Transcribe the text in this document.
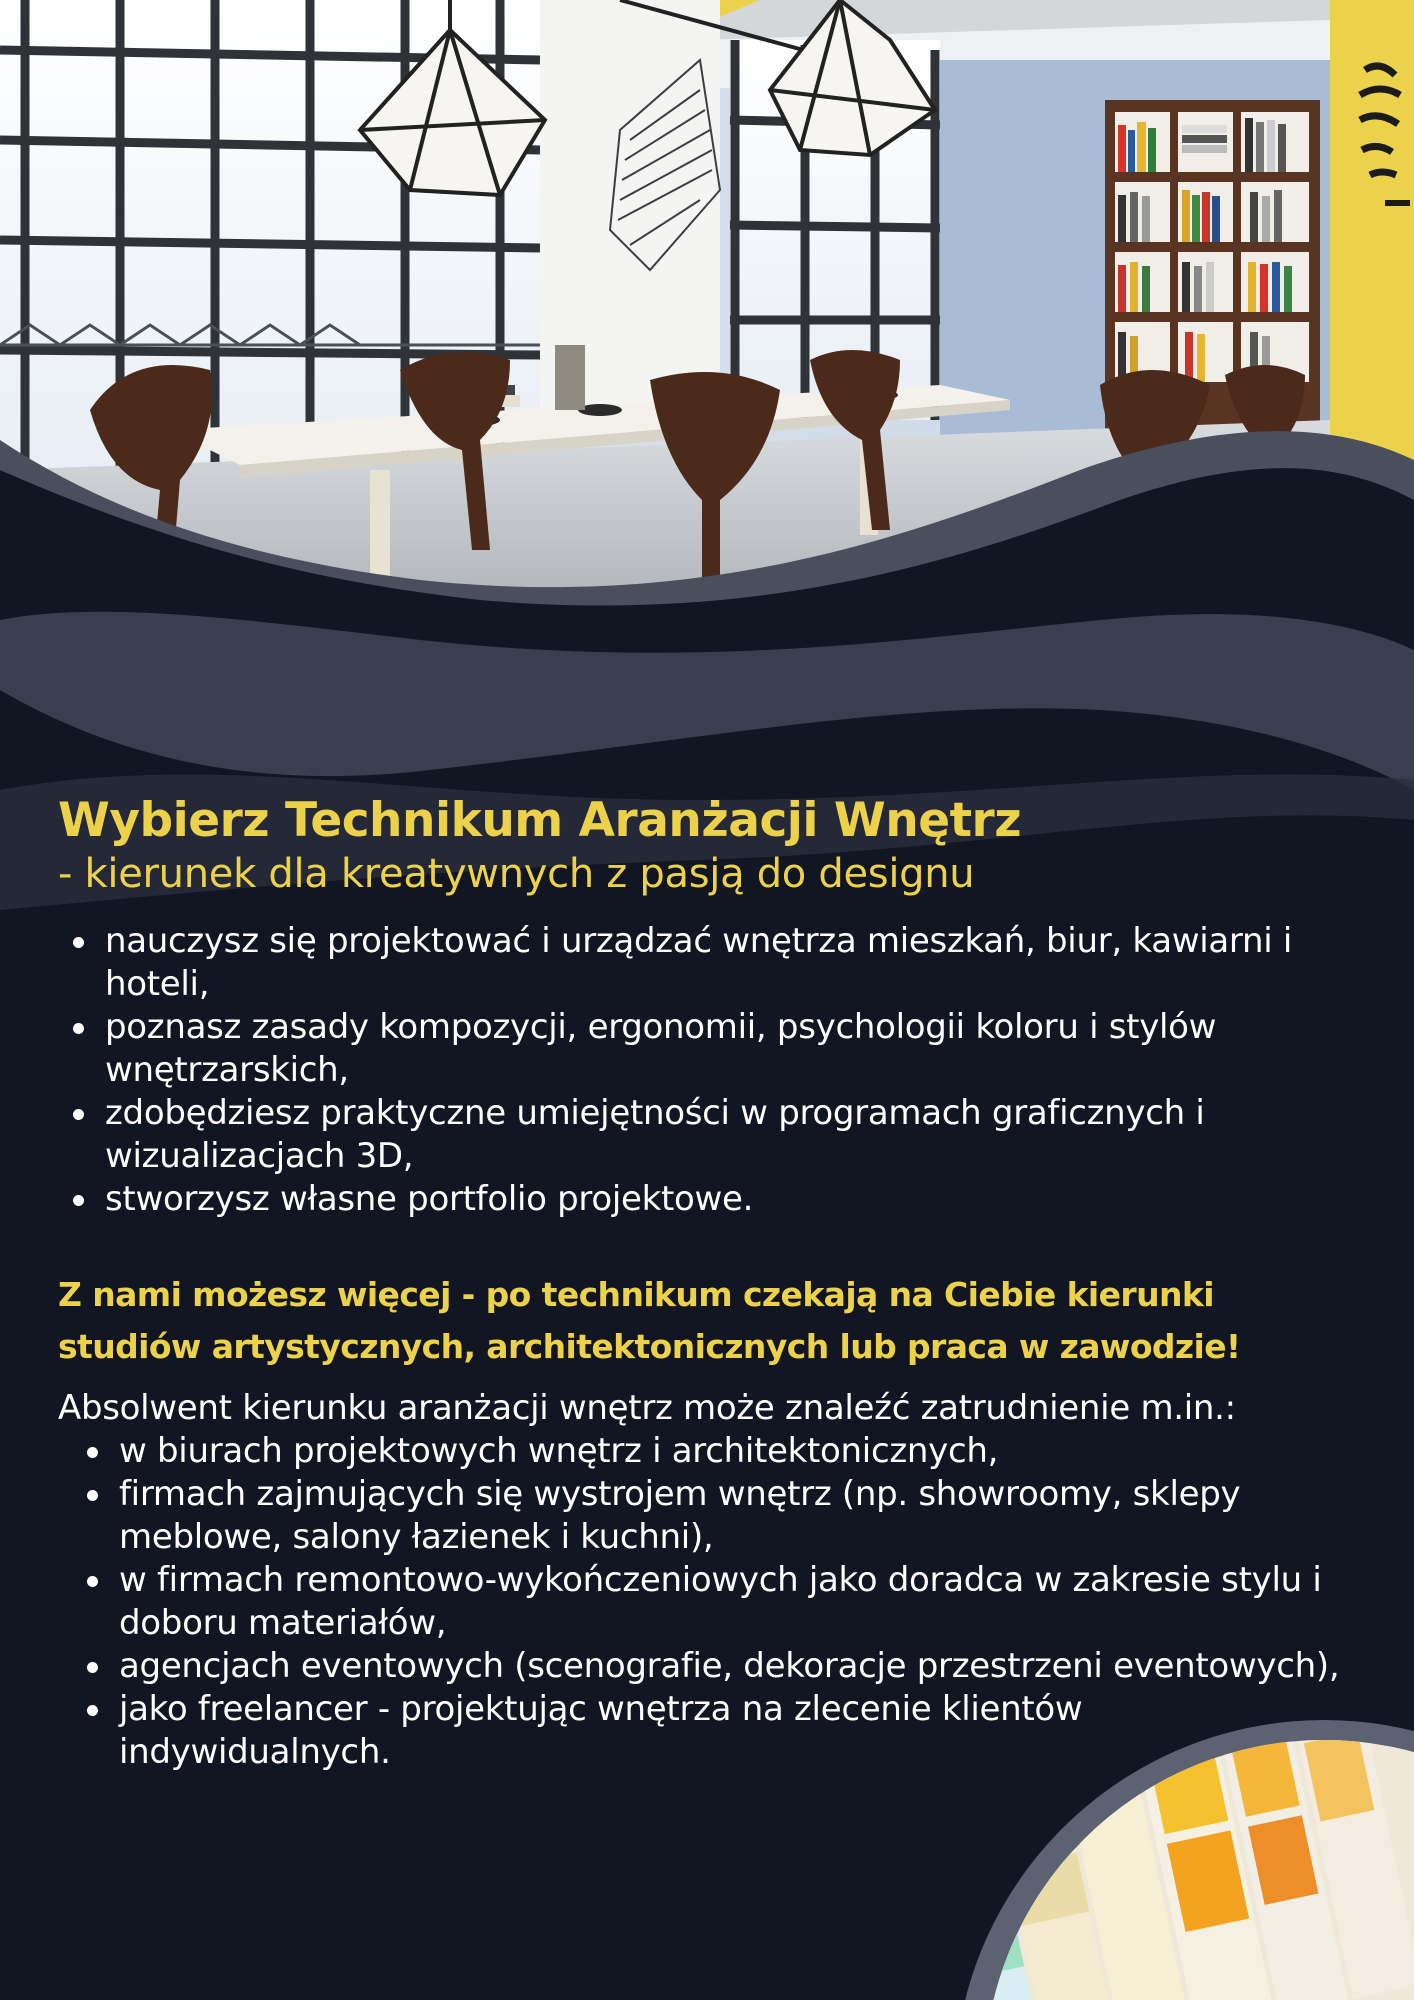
Wybierz Technikum Aranżacji Wnętrz

- kierunek dla kreatywnych z pasją do designu

nauczysz się projektować i urządzać wnętrza mieszkań, biur, kawiarni i hoteli,
poznasz zasady kompozycji, ergonomii, psychologii koloru i stylów wnętrzarskich,
zdobędziesz praktyczne umiejętności w programach graficznych i wizualizacjach 3D,
stworzysz własne portfolio projektowe.

Z nami możesz więcej - po technikum czekają na Ciebie kierunki studiów artystycznych, architektonicznych lub praca w zawodzie!

Absolwent kierunku aranżacji wnętrz może znaleźć zatrudnienie m.in.:

w biurach projektowych wnętrz i architektonicznych,
firmach zajmujących się wystrojem wnętrz (np. showroomy, sklepy meblowe, salony łazienek i kuchni),
w firmach remontowo-wykończeniowych jako doradca w zakresie stylu i doboru materiałów,
agencjach eventowych (scenografie, dekoracje przestrzeni eventowych),
jako freelancer - projektując wnętrza na zlecenie klientów indywidualnych.
